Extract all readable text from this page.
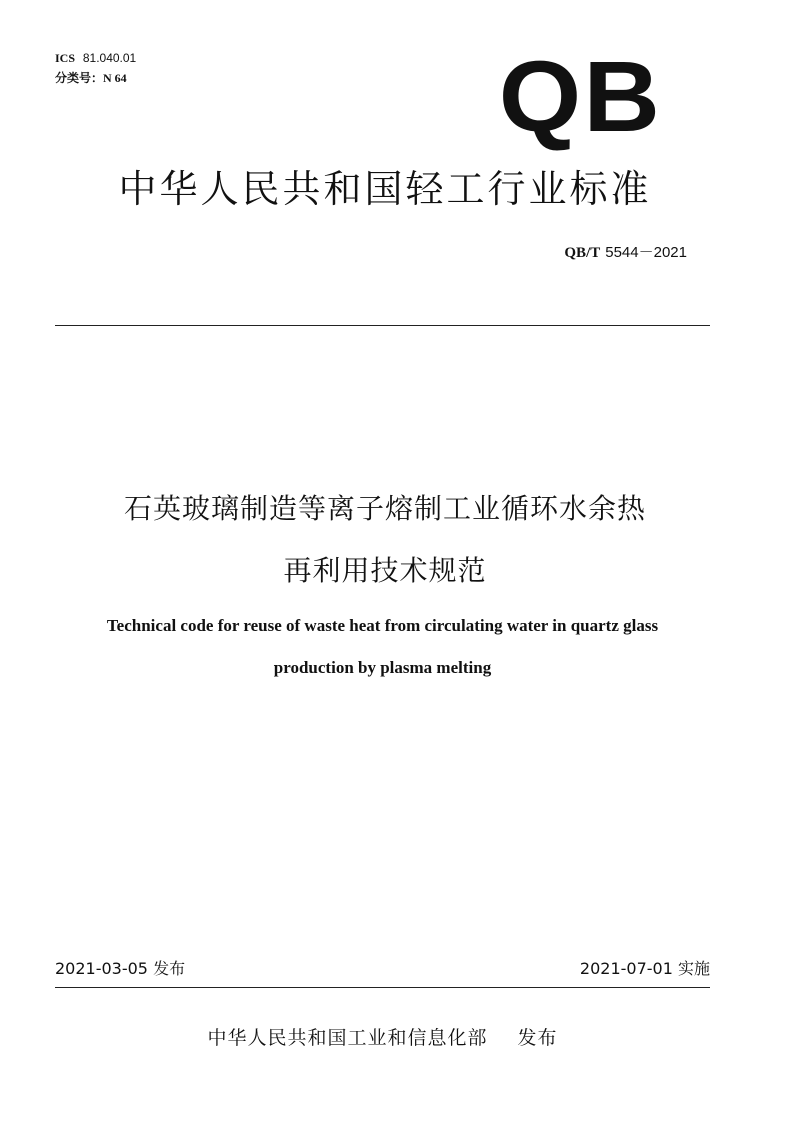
ICS 81.040.01
分类号：N 64	QB
中华人民共和国轻工行业标准
QB/T 5544－2021
石英玻璃制造等离子熔制工业循环水余热
再利用技术规范
Technical code for reuse of waste heat from circulating water in quartz glass
production by plasma melting
2021-03-05 发布	2021-07-01 实施
中华人民共和国工业和信息化部 发布
